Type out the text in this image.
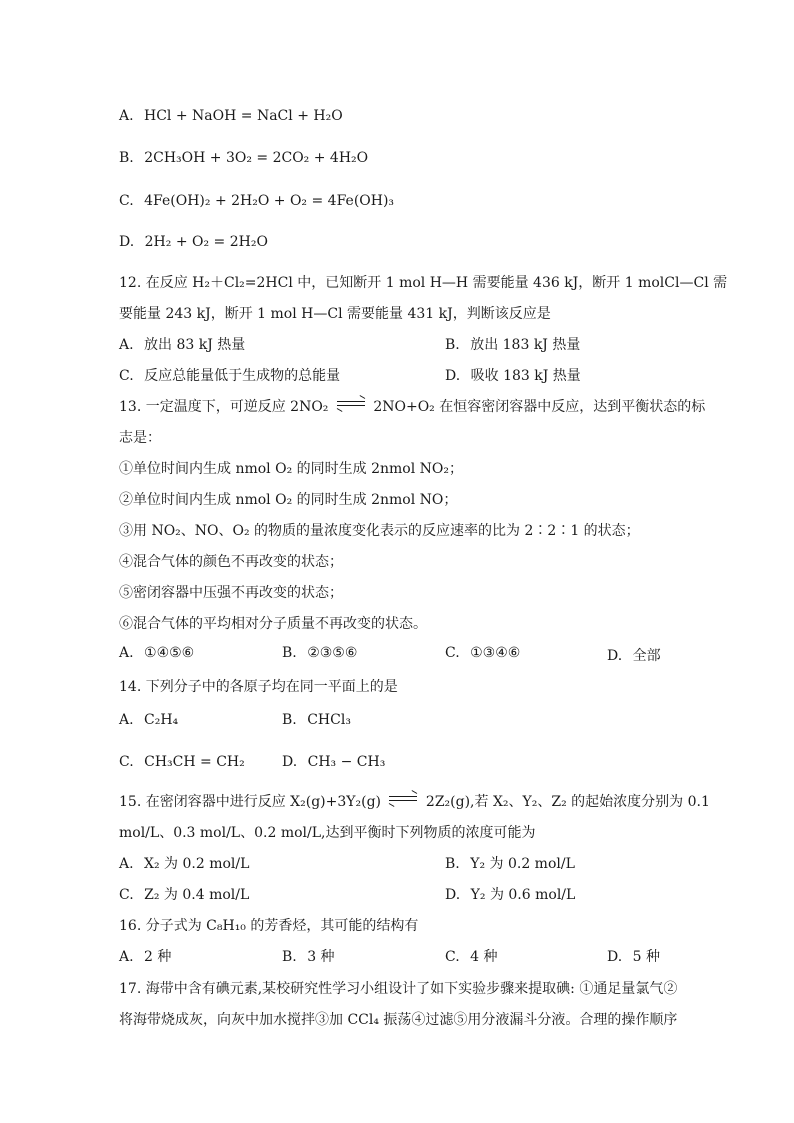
A. HCl + NaOH = NaCl + H₂O
B. 2CH₃OH + 3O₂ = 2CO₂ + 4H₂O
C. 4Fe(OH)₂ + 2H₂O + O₂ = 4Fe(OH)₃
D. 2H₂ + O₂ = 2H₂O
12. 在反应 H₂＋Cl₂=2HCl 中，已知断开 1 mol H—H 需要能量 436 kJ，断开 1 molCl—Cl 需
要能量 243 kJ，断开 1 mol H—Cl 需要能量 431 kJ，判断该反应是
A. 放出 83 kJ 热量	B. 放出 183 kJ 热量
C. 反应总能量低于生成物的总能量	D. 吸收 183 kJ 热量
13. 一定温度下，可逆反应 2NO₂	2NO+O₂ 在恒容密闭容器中反应，达到平衡状态的标
志是：
①单位时间内生成 nmol O₂ 的同时生成 2nmol NO₂；
②单位时间内生成 nmol O₂ 的同时生成 2nmol NO；
③用 NO₂、NO、O₂ 的物质的量浓度变化表示的反应速率的比为 2∶2∶1 的状态；
④混合气体的颜色不再改变的状态；
⑤密闭容器中压强不再改变的状态；
⑥混合气体的平均相对分子质量不再改变的状态。
A. ①④⑤⑥	B. ②③⑤⑥	C. ①③④⑥	D. 全部
14. 下列分子中的各原子均在同一平面上的是
A. C₂H₄	B. CHCl₃
C. CH₃CH = CH₂	D. CH₃ − CH₃
15. 在密闭容器中进行反应 X₂(g)+3Y₂(g)	2Z₂(g),若 X₂、Y₂、Z₂ 的起始浓度分别为 0.1
mol/L、0.3 mol/L、0.2 mol/L,达到平衡时下列物质的浓度可能为
A. X₂ 为 0.2 mol/L	B. Y₂ 为 0.2 mol/L
C. Z₂ 为 0.4 mol/L	D. Y₂ 为 0.6 mol/L
16. 分子式为 C₈H₁₀ 的芳香烃，其可能的结构有
A. 2 种	B. 3 种	C. 4 种	D. 5 种
17. 海带中含有碘元素,某校研究性学习小组设计了如下实验步骤来提取碘: ①通足量氯气②
将海带烧成灰，向灰中加水搅拌③加 CCl₄ 振荡④过滤⑤用分液漏斗分液。合理的操作顺序
